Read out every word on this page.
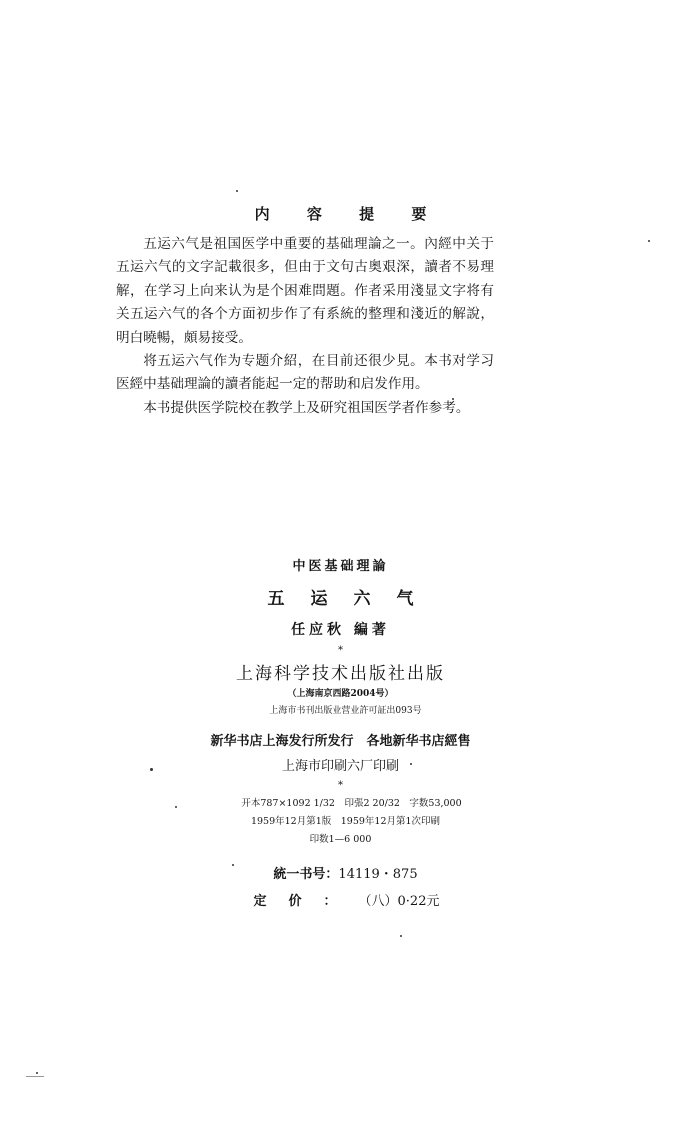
内 容 提 要

五运六气是祖国医学中重要的基础理論之一。內經中关于五运六气的文字記載很多，但由于文句古奥艰深，讀者不易理解，在学习上向来认为是个困难問題。作者采用淺显文字将有关五运六气的各个方面初步作了有系統的整理和淺近的解說，明白曉暢，頗易接受。

将五运六气作为专题介紹，在目前还很少見。本书对学习医經中基础理論的讀者能起一定的帮助和启发作用。

本书提供医学院校在教学上及研究祖国医学者作参考。

中医基础理論
五运六气
任应秋 編著
*
上海科学技术出版社出版
（上海南京西路2004号）
上海市书刊出版业营业許可証出093号
新华书店上海发行所发行　各地新华书店經售
上海市印刷六厂印刷
*
开本787×1092 1/32　印張2 20/32　字数53,000
1959年12月第1版　1959年12月第1次印刷
印数1—6 000
統一书号：14119・875
定价：（八）0·22元
